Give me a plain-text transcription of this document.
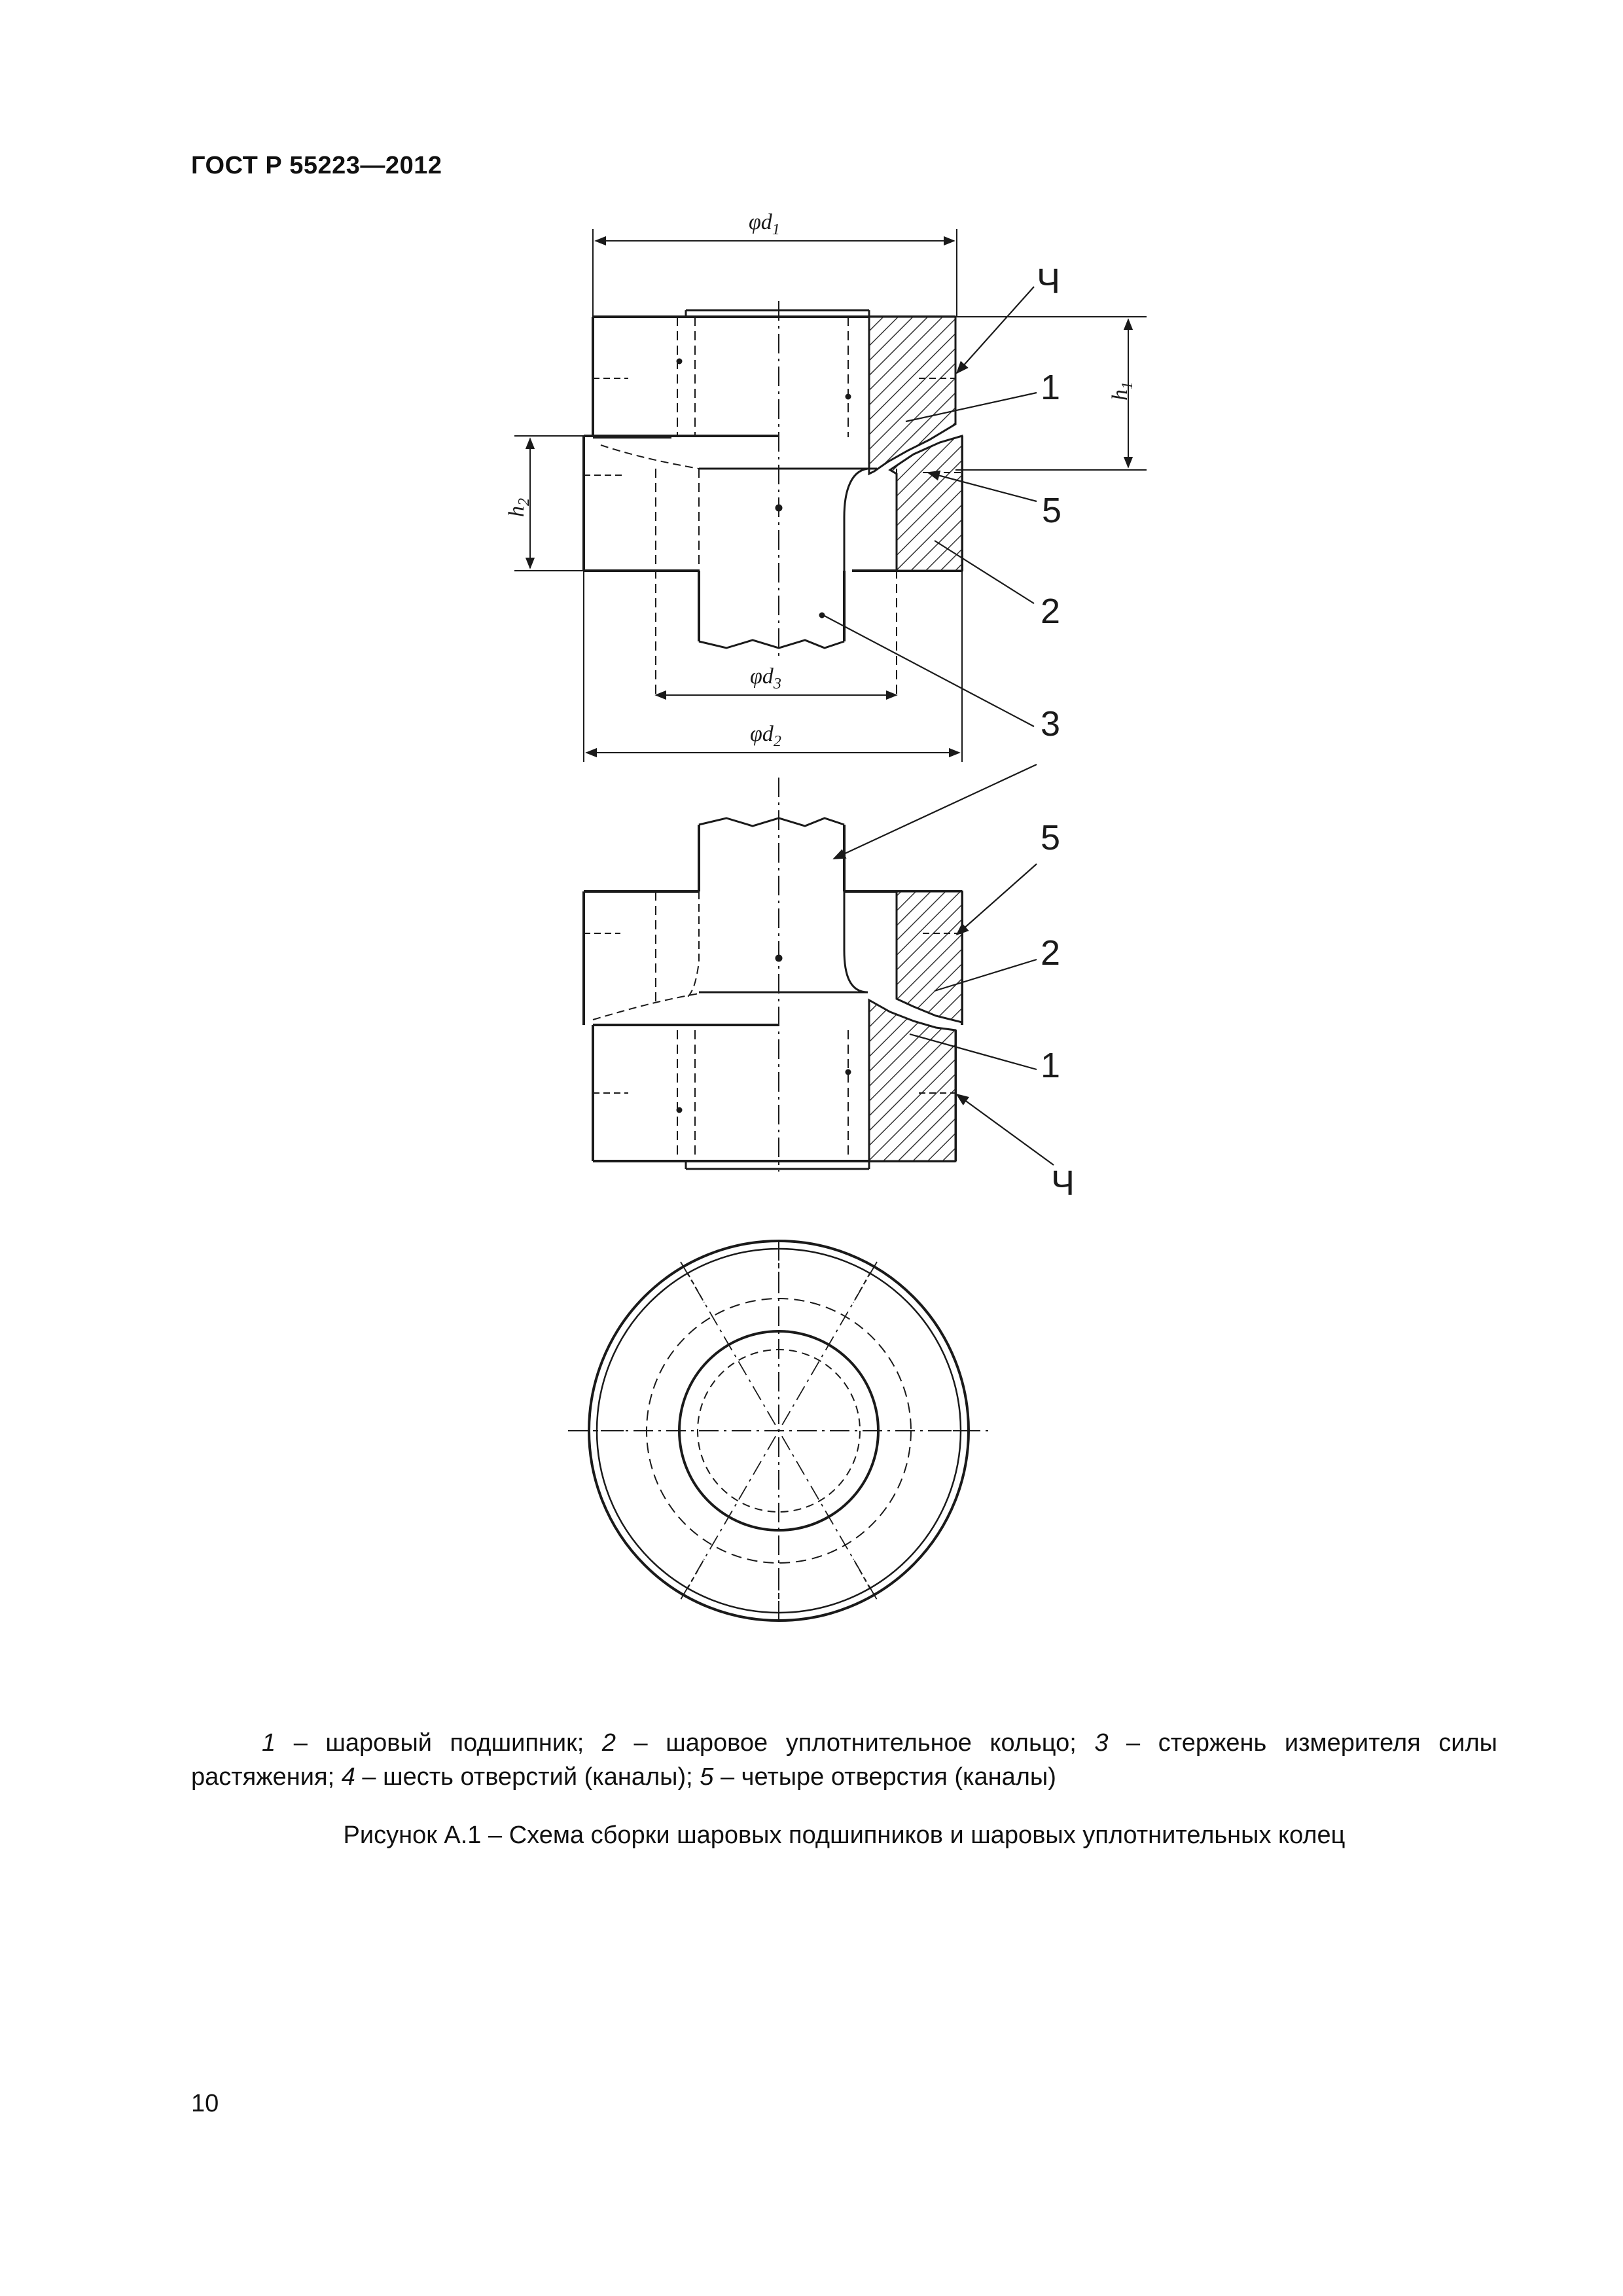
ГОСТ Р 55223—2012
Ч
1
5
2
3
5
2
1
Ч
$\varphi d_1$
$\varphi d_3$
$\varphi d_2$
$h_1$
$h_2$
1 – шаровый подшипник; 2 – шаровое уплотнительное кольцо; 3 – стержень измерителя силы растяжения; 4 – шесть отверстий (каналы); 5 – четыре отверстия (каналы)
Рисунок А.1 – Схема сборки шаровых подшипников и шаровых уплотнительных колец
10
